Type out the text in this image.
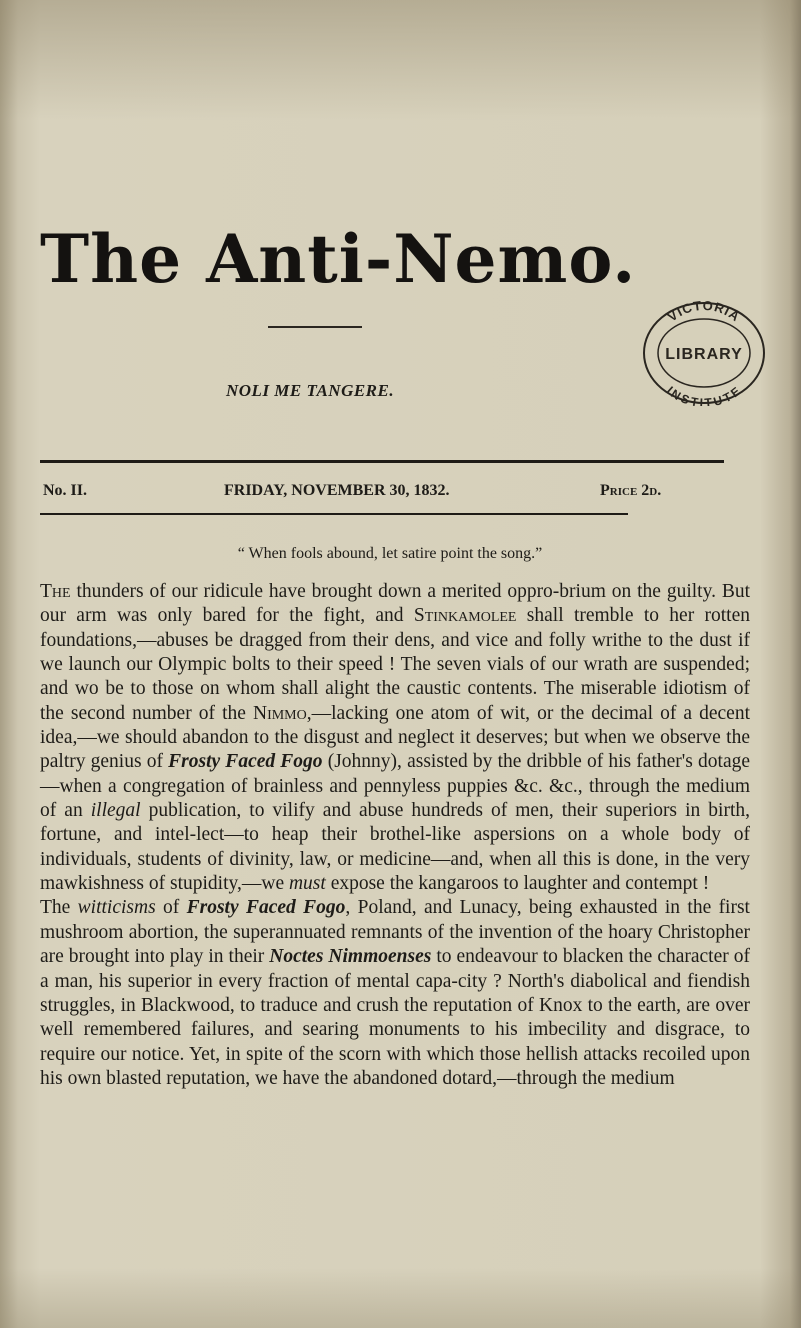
The Anti-Nemo.
NOLI ME TANGERE.
VICTORIA
LIBRARY
INSTITUTE
No. II.	FRIDAY, NOVEMBER 30, 1832.	Price 2d.
“ When fools abound, let satire point the song.”

The thunders of our ridicule have brought down a merited oppro-brium on the guilty. But our arm was only bared for the fight, and Stinkamolee shall tremble to her rotten foundations,—abuses be dragged from their dens, and vice and folly writhe to the dust if we launch our Olympic bolts to their speed ! The seven vials of our wrath are suspended; and wo be to those on whom shall alight the caustic contents. The miserable idiotism of the second number of the Nimmo,—lacking one atom of wit, or the decimal of a decent idea,—we should abandon to the disgust and neglect it deserves; but when we observe the paltry genius of Frosty Faced Fogo (Johnny), assisted by the dribble of his father's dotage—when a congregation of brainless and pennyless puppies &c. &c., through the medium of an illegal publication, to vilify and abuse hundreds of men, their superiors in birth, fortune, and intel-lect—to heap their brothel-like aspersions on a whole body of individuals, students of divinity, law, or medicine—and, when all this is done, in the very mawkishness of stupidity,—we must expose the kangaroos to laughter and contempt !

The witticisms of Frosty Faced Fogo, Poland, and Lunacy, being exhausted in the first mushroom abortion, the superannuated remnants of the invention of the hoary Christopher are brought into play in their Noctes Nimmoenses to endeavour to blacken the character of a man, his superior in every fraction of mental capa-city ? North's diabolical and fiendish struggles, in Blackwood, to traduce and crush the reputation of Knox to the earth, are over well remembered failures, and searing monuments to his imbecility and disgrace, to require our notice. Yet, in spite of the scorn with which those hellish attacks recoiled upon his own blasted reputation, we have the abandoned dotard,—through the medium
